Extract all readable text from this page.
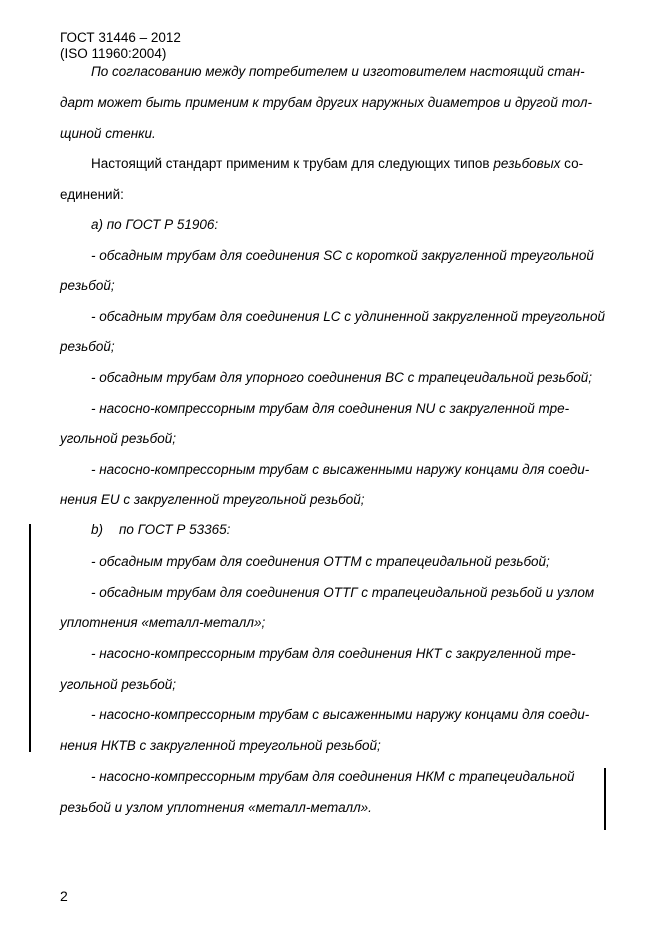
ГОСТ 31446 – 2012
(ISO 11960:2004)
По согласованию между потребителем и изготовителем настоящий стан-
дарт может быть применим к трубам других наружных диаметров и другой тол-
щиной стенки.
Настоящий стандарт применим к трубам для следующих типов резьбовых со-
единений:
а) по ГОСТ Р 51906:
- обсадным трубам для соединения SC с короткой закругленной треугольной
резьбой;
- обсадным трубам для соединения LC с удлиненной закругленной треугольной
резьбой;
- обсадным трубам для упорного соединения BC с трапецеидальной резьбой;
- насосно-компрессорным трубам для соединения NU с закругленной тре-
угольной резьбой;
- насосно-компрессорным трубам с высаженными наружу концами для соеди-
нения EU с закругленной треугольной резьбой;
b) по ГОСТ Р 53365:
- обсадным трубам для соединения ОТТМ с трапецеидальной резьбой;
- обсадным трубам для соединения ОТТГ с трапецеидальной резьбой и узлом
уплотнения «металл-металл»;
- насосно-компрессорным трубам для соединения НКТ с закругленной тре-
угольной резьбой;
- насосно-компрессорным трубам с высаженными наружу концами для соеди-
нения НКТВ с закругленной треугольной резьбой;
- насосно-компрессорным трубам для соединения НКМ с трапецеидальной
резьбой и узлом уплотнения «металл-металл».
2
